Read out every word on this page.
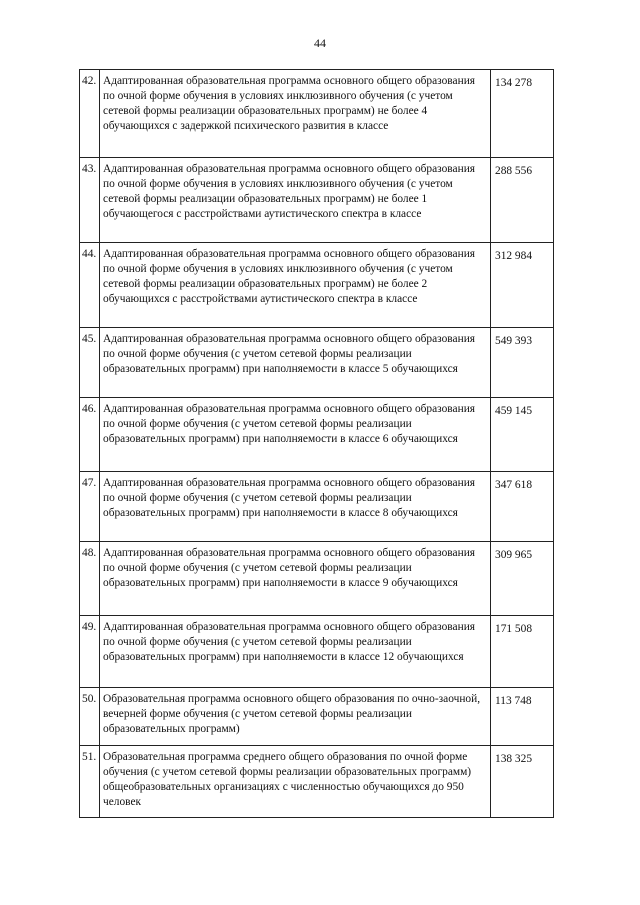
44
42.	Адаптированная образовательная программа основного общего образования по очной форме обучения в условиях инклюзивного обучения (с учетом сетевой формы реализации образовательных программ) не более 4 обучающихся с задержкой психического развития в классе	134 278
43.	Адаптированная образовательная программа основного общего образования по очной форме обучения в условиях инклюзивного обучения (с учетом сетевой формы реализации образовательных программ) не более 1 обучающегося с расстройствами аутистического спектра в классе	288 556
44.	Адаптированная образовательная программа основного общего образования по очной форме обучения в условиях инклюзивного обучения (с учетом сетевой формы реализации образовательных программ) не более 2 обучающихся с расстройствами аутистического спектра в классе	312 984
45.	Адаптированная образовательная программа основного общего образования по очной форме обучения (с учетом сетевой формы реализации образовательных программ) при наполняемости в классе 5 обучающихся	549 393
46.	Адаптированная образовательная программа основного общего образования по очной форме обучения (с учетом сетевой формы реализации образовательных программ) при наполняемости в классе 6 обучающихся	459 145
47.	Адаптированная образовательная программа основного общего образования по очной форме обучения (с учетом сетевой формы реализации образовательных программ) при наполняемости в классе 8 обучающихся	347 618
48.	Адаптированная образовательная программа основного общего образования по очной форме обучения (с учетом сетевой формы реализации образовательных программ) при наполняемости в классе 9 обучающихся	309 965
49.	Адаптированная образовательная программа основного общего образования по очной форме обучения (с учетом сетевой формы реализации образовательных программ) при наполняемости в классе 12 обучающихся	171 508
50.	Образовательная программа основного общего образования по очно-заочной, вечерней форме обучения (с учетом сетевой формы реализации образовательных программ)	113 748
51.	Образовательная программа среднего общего образования по очной форме обучения (с учетом сетевой формы реализации образовательных программ) общеобразовательных организациях с численностью обучающихся до 950 человек	138 325
